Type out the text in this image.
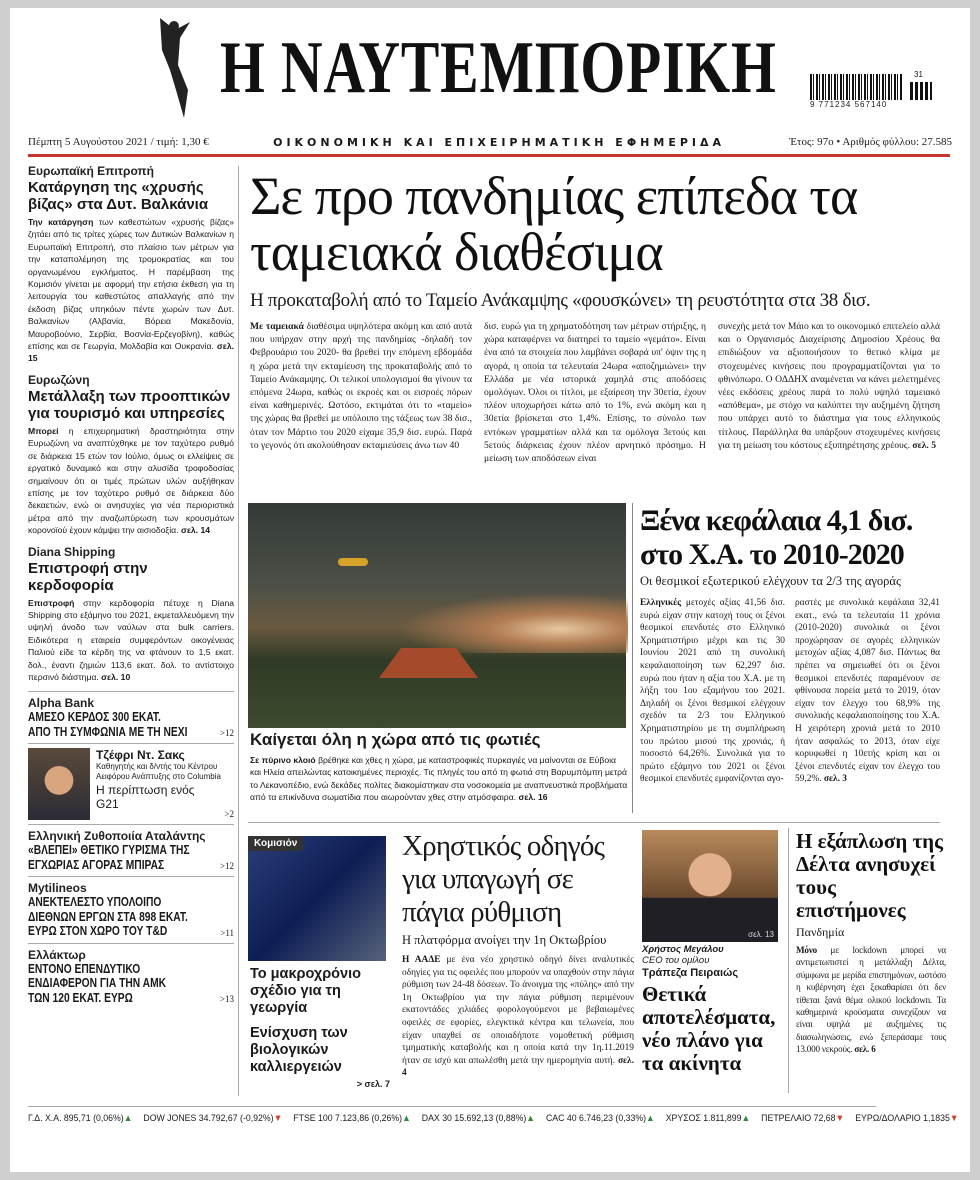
Η ΝΑΥΤΕΜΠΟΡΙΚΗ	31
9 771234 567140
Πέμπτη 5 Αυγούστου 2021 / τιμή: 1,30 €	ΟΙΚΟΝΟΜΙΚΗ ΚΑΙ ΕΠΙΧΕΙΡΗΜΑΤΙΚΗ ΕΦΗΜΕΡΙΔΑ	Έτος: 97ο • Αριθμός φύλλου: 27.585
Ευρωπαϊκή Επιτροπή
Κατάργηση της «χρυσής βίζας» στα Δυτ. Βαλκάνια
Την κατάργηση των καθεστώτων «χρυσής βίζας» ζητάει από τις τρίτες χώρες των Δυτικών Βαλκανίων η Ευρωπαϊκή Επιτροπή, στο πλαίσιο των μέτρων για την καταπολέμηση της τρομοκρατίας και του οργανωμένου εγκλήματος. Η παρέμβαση της Κομισιόν γίνεται με αφορμή την ετήσια έκθεση για τη λειτουργία του καθεστώτος απαλλαγής από την έκδοση βίζας υπηκόων πέντε χωρών των Δυτ. Βαλκανίων (Αλβανία, Βόρεια Μακεδονία, Μαυροβούνιο, Σερβία, Βοσνία-Ερζεγοβίνη), καθώς επίσης και σε Γεωργία, Μολδαβία και Ουκρανία. σελ. 15
Ευρωζώνη
Μετάλλαξη των προοπτικών για τουρισμό και υπηρεσίες
Μπορεί η επιχειρηματική δραστηριότητα στην Ευρωζώνη να αναπτύχθηκε με τον ταχύτερο ρυθμό σε διάρκεια 15 ετών τον Ιούλιο, όμως οι ελλείψεις σε εργατικό δυναμικό και στην αλυσίδα τροφοδοσίας σημαίνουν ότι οι τιμές πρώτων υλών αυξήθηκαν επίσης με τον ταχύτερο ρυθμό σε διάρκεια δύο δεκαετιών, ενώ οι ανησυχίες για νέα περιοριστικά μέτρα από την αναζωπύρωση των κρουσμάτων κορονοϊού έχουν κάμψει την αισιοδοξία. σελ. 14
Diana Shipping
Επιστροφή στην κερδοφορία
Επιστροφή στην κερδοφορία πέτυχε η Diana Shipping στο εξάμηνο του 2021, εκμεταλλευόμενη την υψηλή άνοδο των ναύλων στα bulk carriers. Ειδικότερα η εταιρεία συμφερόντων οικογένειας Παλιού είδε τα κέρδη της να φτάνουν το 1,5 εκατ. δολ., έναντι ζημιών 113,6 εκατ. δολ. το αντίστοιχο περσινό διάστημα. σελ. 10
Alpha Bank
ΑΜΕΣΟ ΚΕΡΔΟΣ 300 ΕΚΑΤ.
ΑΠΟ ΤΗ ΣΥΜΦΩΝΙΑ ΜΕ ΤΗ NEXI	>12
Τζέφρι Ντ. Σακς
Καθηγητής και δ/ντής του Κέντρου Αειφόρου Ανάπτυξης στο Columbia
Η περίπτωση ενός G21
>2
Ελληνική Ζυθοποιία Αταλάντης
«ΒΛΕΠΕΙ» ΘΕΤΙΚΟ ΓΥΡΙΣΜΑ ΤΗΣ
ΕΓΧΩΡΙΑΣ ΑΓΟΡΑΣ ΜΠΙΡΑΣ	>12
Mytilineos
ΑΝΕΚΤΕΛΕΣΤΟ ΥΠΟΛΟΙΠΟ
ΔΙΕΘΝΩΝ ΕΡΓΩΝ ΣΤΑ 898 ΕΚΑΤ.
ΕΥΡΩ ΣΤΟΝ ΧΩΡΟ ΤΟΥ T&D	>11
Ελλάκτωρ
ΕΝΤΟΝΟ ΕΠΕΝΔΥΤΙΚΟ
ΕΝΔΙΑΦΕΡΟΝ ΓΙΑ ΤΗΝ ΑΜΚ
ΤΩΝ 120 ΕΚΑΤ. ΕΥΡΩ	>13
Σε προ πανδημίας επίπεδα τα ταμειακά διαθέσιμα
Η προκαταβολή από το Ταμείο Ανάκαμψης «φουσκώνει» τη ρευστότητα στα 38 δισ.
Με ταμειακά διαθέσιμα υψηλότερα ακόμη και από αυτά που υπήρχαν στην αρχή της πανδημίας -δηλαδή τον Φεβρουάριο του 2020- θα βρεθεί την επόμενη εβδομάδα η χώρα μετά την εκταμίευση της προκαταβολής από το Ταμείο Ανάκαμψης. Οι τελικοί υπολογισμοί θα γίνουν τα επόμενα 24ωρα, καθώς οι εκροές και οι εισροές πόρων είναι καθημερινές. Ωστόσο, εκτιμάται ότι το «ταμείο» της χώρας θα βρεθεί με υπόλοιπο της τάξεως των 38 δισ., όταν τον Μάρτιο του 2020 είχαμε 35,9 δισ. ευρώ. Παρά το γεγονός ότι ακολούθησαν εκταμιεύσεις άνω των 40
δισ. ευρώ για τη χρηματοδότηση των μέτρων στήριξης, η χώρα καταφέρνει να διατηρεί το ταμείο «γεμάτο». Είναι ένα από τα στοιχεία που λαμβάνει σοβαρά υπ' όψιν της η αγορά, η οποία τα τελευταία 24ωρα «αποζημιώνει» την Ελλάδα με νέα ιστορικά χαμηλά στις αποδόσεις ομολόγων. Όλοι οι τίτλοι, με εξαίρεση την 30ετία, έχουν πλέον υποχωρήσει κάτω από το 1%, ενώ ακόμη και η 30ετία βρίσκεται στο 1,4%. Επίσης, το σύνολο των εντόκων γραμματίων αλλά και τα ομόλογα 3ετούς και 5ετούς διάρκειας έχουν πλέον αρνητικό πρόσημο. Η μείωση των αποδόσεων είναι
συνεχής μετά τον Μάιο και το οικονομικό επιτελείο αλλά και ο Οργανισμός Διαχείρισης Δημοσίου Χρέους θα επιδιώξουν να αξιοποιήσουν το θετικό κλίμα με στοχευμένες κινήσεις που προγραμματίζονται για το φθινόπωρο. Ο ΟΔΔΗΧ αναμένεται να κάνει μελετημένες νέες εκδόσεις χρέους παρά το πολύ υψηλό ταμειακό «απόθεμα», με στόχο να καλύπτει την αυξημένη ζήτηση που υπάρχει αυτό το διάστημα για τους ελληνικούς τίτλους. Παράλληλα θα υπάρξουν στοχευμένες κινήσεις για τη μείωση του κόστους εξυπηρέτησης χρέους. σελ. 5
Καίγεται όλη η χώρα από τις φωτιές
Σε πύρινο κλοιό βρέθηκε και χθες η χώρα, με καταστροφικές πυρκαγιές να μαίνονται σε Εύβοια και Ηλεία απειλώντας κατοικημένες περιοχές. Τις πληγές του από τη φωτιά στη Βαρυμπόμπη μετρά το Λεκανοπέδιο, ενώ δεκάδες πολίτες διακομίστηκαν στα νοσοκομεία με αναπνευστικά προβλήματα από τα επικίνδυνα σωματίδια που αιωρούνταν χθες στην ατμόσφαιρα. σελ. 16
Ξένα κεφάλαια 4,1 δισ. στο Χ.Α. το 2010-2020
Οι θεσμικοί εξωτερικού ελέγχουν τα 2/3 της αγοράς
Ελληνικές μετοχές αξίας 41,56 δισ. ευρώ είχαν στην κατοχή τους οι ξένοι θεσμικοί επενδυτές στο Ελληνικό Χρηματιστήριο μέχρι και τις 30 Ιουνίου 2021 από τη συνολική κεφαλαιοποίηση των 62,297 δισ. ευρώ που ήταν η αξία του Χ.Α. με τη λήξη του 1ου εξαμήνου του 2021. Δηλαδή οι ξένοι θεσμικοί ελέγχουν σχεδόν τα 2/3 του Ελληνικού Χρηματιστηρίου με τη συμπλήρωση του πρώτου μισού της χρονιάς, ή ποσοστό 64,26%. Συνολικά για το πρώτο εξάμηνο του 2021 οι ξένοι θεσμικοί επενδυτές εμφανίζονται αγο-
ραστές με συνολικά κεφάλαια 32,41 εκατ., ενώ τα τελευταία 11 χρόνια (2010-2020) συνολικά οι ξένοι προχώρησαν σε αγορές ελληνικών μετοχών αξίας 4,087 δισ. Πάντως θα πρέπει να σημειωθεί ότι οι ξένοι θεσμικοί επενδυτές παραμένουν σε φθίνουσα πορεία μετά το 2019, όταν είχαν τον έλεγχο του 68,9% της συνολικής κεφαλαιοποίησης του Χ.Α. Η χειρότερη χρονιά μετά το 2010 ήταν ασφαλώς το 2013, όταν είχε κορυφωθεί η 10ετής κρίση και οι ξένοι επενδυτές είχαν τον έλεγχο του 59,2%. σελ. 3
Κομισιόν
Το μακροχρόνιο σχέδιο για τη γεωργία
Ενίσχυση των βιολογικών καλλιεργειών
> σελ. 7
Χρηστικός οδηγός για υπαγωγή σε πάγια ρύθμιση
Η πλατφόρμα ανοίγει την 1η Οκτωβρίου
Η ΑΑΔΕ με ένα νέο χρηστικό οδηγό δίνει αναλυτικές οδηγίες για τις οφειλές που μπορούν να υπαχθούν στην πάγια ρύθμιση των 24-48 δόσεων. Το άνοιγμα της «πύλης» από την 1η Οκτωβρίου για την πάγια ρύθμιση περιμένουν εκατοντάδες χιλιάδες φορολογούμενοι με βεβαιωμένες οφειλές σε εφορίες, ελεγκτικά κέντρα και τελωνεία, που είχαν υπαχθεί σε οποιαδήποτε νομοθετική ρύθμιση τμηματικής καταβολής και η οποία κατά την 1η.11.2019 ήταν σε ισχύ και απωλέσθη μετά την ημερομηνία αυτή. σελ. 4
σελ. 13
Χρήστος Μεγάλου
CEO του ομίλου
Τράπεζα Πειραιώς
Θετικά αποτελέσματα, νέο πλάνο για τα ακίνητα
Η εξάπλωση της Δέλτα ανησυχεί τους επιστήμονες
Πανδημία
Μόνο με lockdown μπορεί να αντιμετωπιστεί η μετάλλαξη Δέλτα, σύμφωνα με μερίδα επιστημόνων, ωστόσο η κυβέρνηση έχει ξεκαθαρίσει ότι δεν τίθεται ξανά θέμα ολικού lockdown. Τα καθημερινά κρούσματα συνεχίζουν να είναι υψηλά με αυξημένες τις διασωληνώσεις, ενώ ξεπεράσαμε τους 13.000 νεκρούς. σελ. 6
Γ.Δ. Χ.Α. 895,71 (0,06%)▲ DOW JONES 34.792,67 (-0,92%)▼ FTSE 100 7.123,86 (0,26%)▲ DAX 30 15.692,13 (0,88%)▲ CAC 40 6.746,23 (0,33%)▲ ΧΡΥΣΟΣ 1.811,899▲ ΠΕΤΡΕΛΑΙΟ 72,68▼ ΕΥΡΩ/ΔΟΛΑΡΙΟ 1,1835▼
